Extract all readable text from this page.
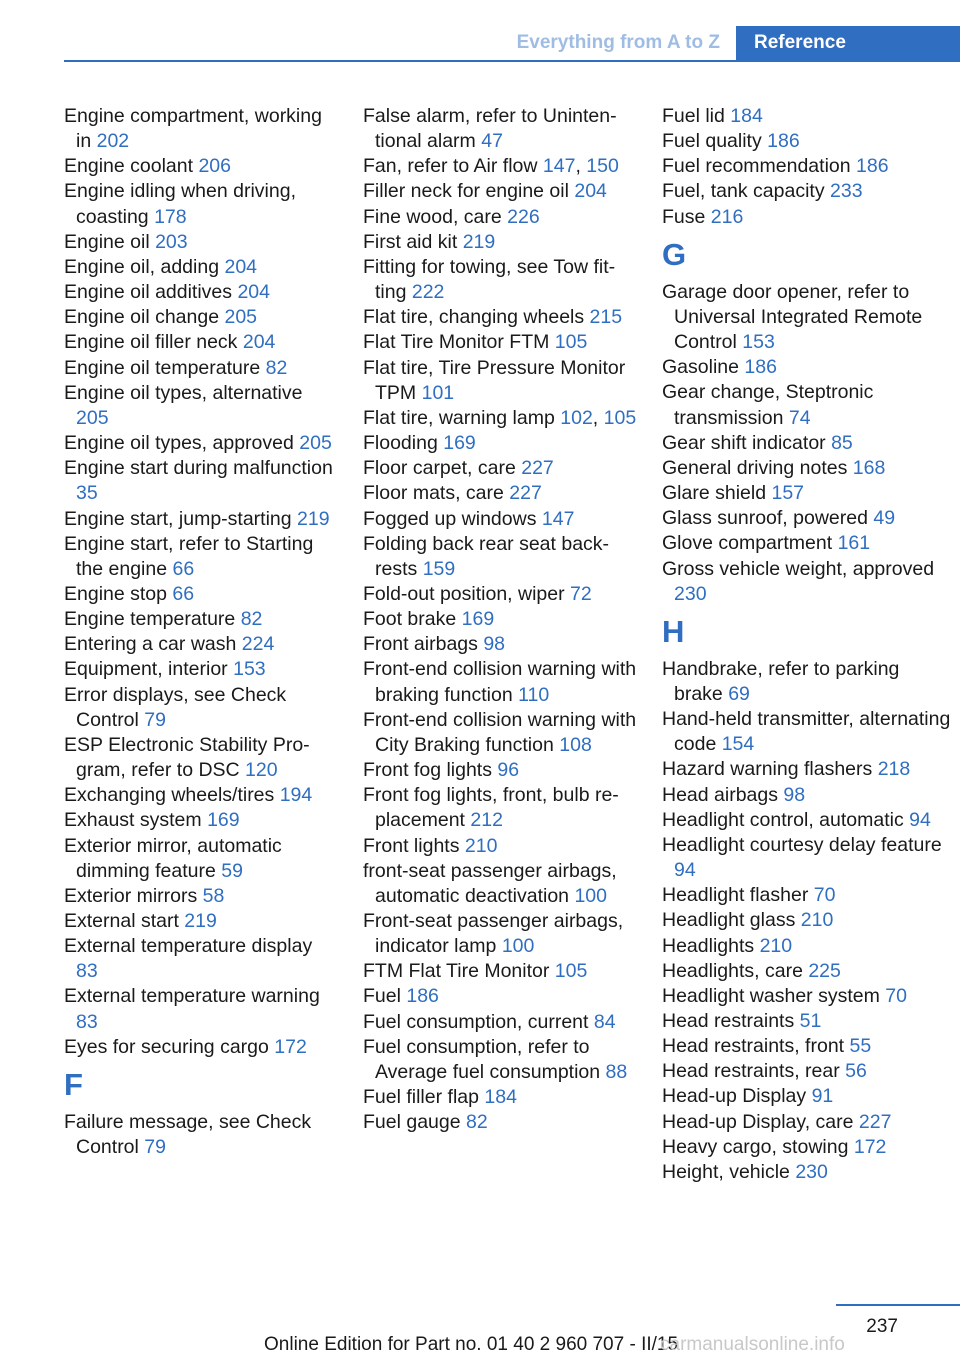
Everything from A to Z	Reference
Engine compartment, working in 202
Engine coolant 206
Engine idling when driving, coasting 178
Engine oil 203
Engine oil, adding 204
Engine oil additives 204
Engine oil change 205
Engine oil filler neck 204
Engine oil temperature 82
Engine oil types, alternative 205
Engine oil types, approved 205
Engine start during malfunction 35
Engine start, jump-starting 219
Engine start, refer to Starting the engine 66
Engine stop 66
Engine temperature 82
Entering a car wash 224
Equipment, interior 153
Error displays, see Check Control 79
ESP Electronic Stability Program, refer to DSC 120
Exchanging wheels/tires 194
Exhaust system 169
Exterior mirror, automatic dimming feature 59
Exterior mirrors 58
External start 219
External temperature display 83
External temperature warning 83
Eyes for securing cargo 172
F
Failure message, see Check Control 79
False alarm, refer to Unintentional alarm 47
Fan, refer to Air flow 147, 150
Filler neck for engine oil 204
Fine wood, care 226
First aid kit 219
Fitting for towing, see Tow fitting 222
Flat tire, changing wheels 215
Flat Tire Monitor FTM 105
Flat tire, Tire Pressure Monitor TPM 101
Flat tire, warning lamp 102, 105
Flooding 169
Floor carpet, care 227
Floor mats, care 227
Fogged up windows 147
Folding back rear seat backrests 159
Fold-out position, wiper 72
Foot brake 169
Front airbags 98
Front-end collision warning with braking function 110
Front-end collision warning with City Braking function 108
Front fog lights 96
Front fog lights, front, bulb replacement 212
Front lights 210
front-seat passenger airbags, automatic deactivation 100
Front-seat passenger airbags, indicator lamp 100
FTM Flat Tire Monitor 105
Fuel 186
Fuel consumption, current 84
Fuel consumption, refer to Average fuel consumption 88
Fuel filler flap 184
Fuel gauge 82
Fuel lid 184
Fuel quality 186
Fuel recommendation 186
Fuel, tank capacity 233
Fuse 216
G
Garage door opener, refer to Universal Integrated Remote Control 153
Gasoline 186
Gear change, Steptronic transmission 74
Gear shift indicator 85
General driving notes 168
Glare shield 157
Glass sunroof, powered 49
Glove compartment 161
Gross vehicle weight, approved 230
H
Handbrake, refer to parking brake 69
Hand-held transmitter, alternating code 154
Hazard warning flashers 218
Head airbags 98
Headlight control, automatic 94
Headlight courtesy delay feature 94
Headlight flasher 70
Headlight glass 210
Headlights 210
Headlights, care 225
Headlight washer system 70
Head restraints 51
Head restraints, front 55
Head restraints, rear 56
Head-up Display 91
Head-up Display, care 227
Heavy cargo, stowing 172
Height, vehicle 230
237
Online Edition for Part no. 01 40 2 960 707 - II/15
carmanualsonline.info
